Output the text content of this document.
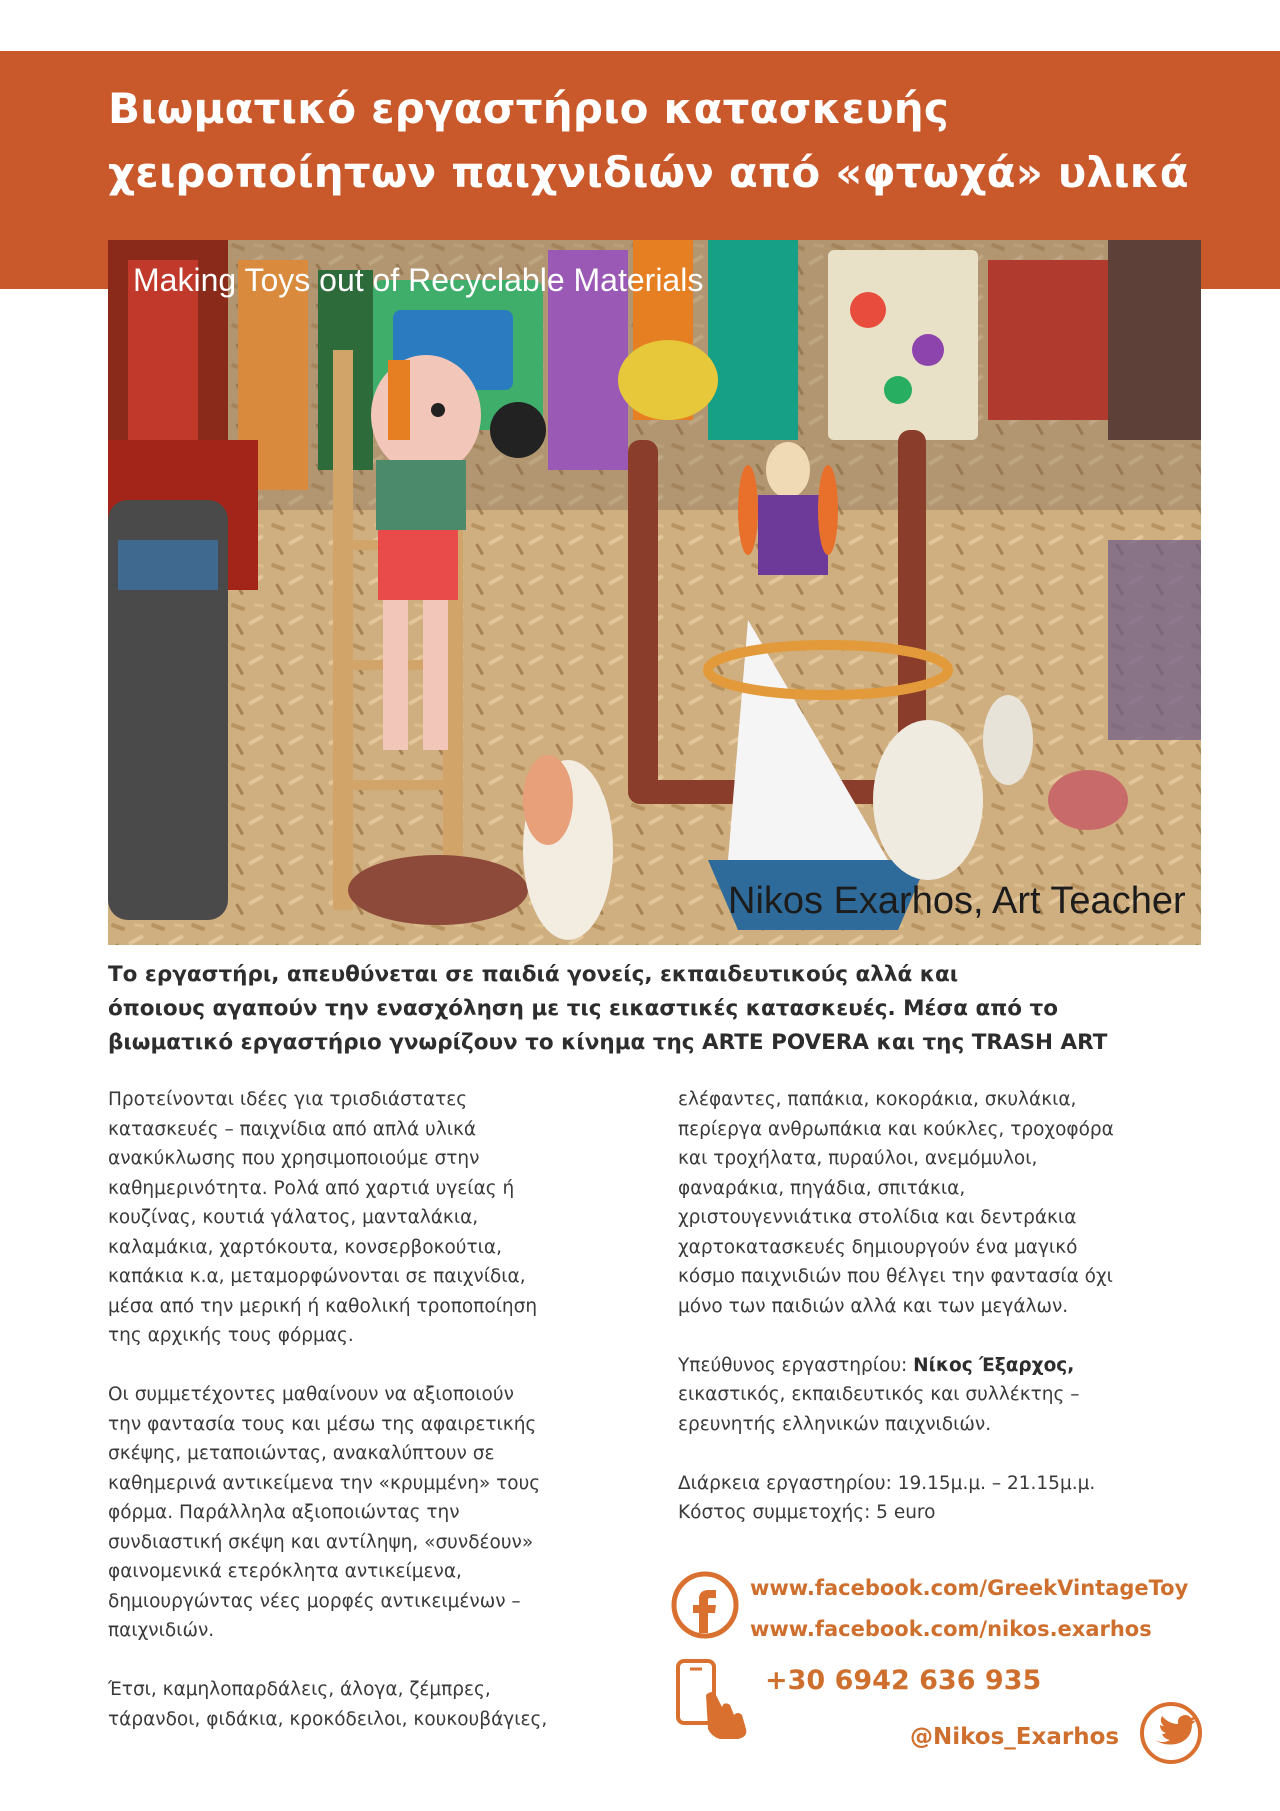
Βιωματικό εργαστήριο κατασκευής
χειροποίητων παιχνιδιών από «φτωχά» υλικά
Making Toys out of Recyclable Materials
Nikos Exarhos, Art Teacher
Το εργαστήρι, απευθύνεται σε παιδιά γονείς, εκπαιδευτικούς αλλά και
όποιους αγαπούν την ενασχόληση με τις εικαστικές κατασκευές. Μέσα από το
βιωματικό εργαστήριο γνωρίζουν το κίνημα της ARTE POVERA και της TRASH ART
Προτείνονται ιδέες για τρισδιάστατες
κατασκευές – παιχνίδια από απλά υλικά
ανακύκλωσης που χρησιμοποιούμε στην
καθημερινότητα. Ρολά από χαρτιά υγείας ή
κουζίνας, κουτιά γάλατος, μανταλάκια,
καλαμάκια, χαρτόκουτα, κονσερβοκούτια,
καπάκια κ.α, μεταμορφώνονται σε παιχνίδια,
μέσα από την μερική ή καθολική τροποποίηση
της αρχικής τους φόρμας.
Οι συμμετέχοντες μαθαίνουν να αξιοποιούν
την φαντασία τους και μέσω της αφαιρετικής
σκέψης, μεταποιώντας, ανακαλύπτουν σε
καθημερινά αντικείμενα την «κρυμμένη» τους
φόρμα. Παράλληλα αξιοποιώντας την
συνδιαστική σκέψη και αντίληψη, «συνδέουν»
φαινομενικά ετερόκλητα αντικείμενα,
δημιουργώντας νέες μορφές αντικειμένων –
παιχνιδιών.
Έτσι, καμηλοπαρδάλεις, άλογα, ζέμπρες,
τάρανδοι, φιδάκια, κροκόδειλοι, κουκουβάγιες,
ελέφαντες, παπάκια, κοκοράκια, σκυλάκια,
περίεργα ανθρωπάκια και κούκλες, τροχοφόρα
και τροχήλατα, πυραύλοι, ανεμόμυλοι,
φαναράκια, πηγάδια, σπιτάκια,
χριστουγεννιάτικα στολίδια και δεντράκια
χαρτοκατασκευές δημιουργούν ένα μαγικό
κόσμο παιχνιδιών που θέλγει την φαντασία όχι
μόνο των παιδιών αλλά και των μεγάλων.
Υπεύθυνος εργαστηρίου: Νίκος Έξαρχος,
εικαστικός, εκπαιδευτικός και συλλέκτης –
ερευνητής ελληνικών παιχνιδιών.
Διάρκεια εργαστηρίου: 19.15μ.μ. – 21.15μ.μ.
Κόστος συμμετοχής: 5 euro
www.facebook.com/GreekVintageToy
www.facebook.com/nikos.exarhos
+30 6942 636 935
@Nikos_Exarhos
